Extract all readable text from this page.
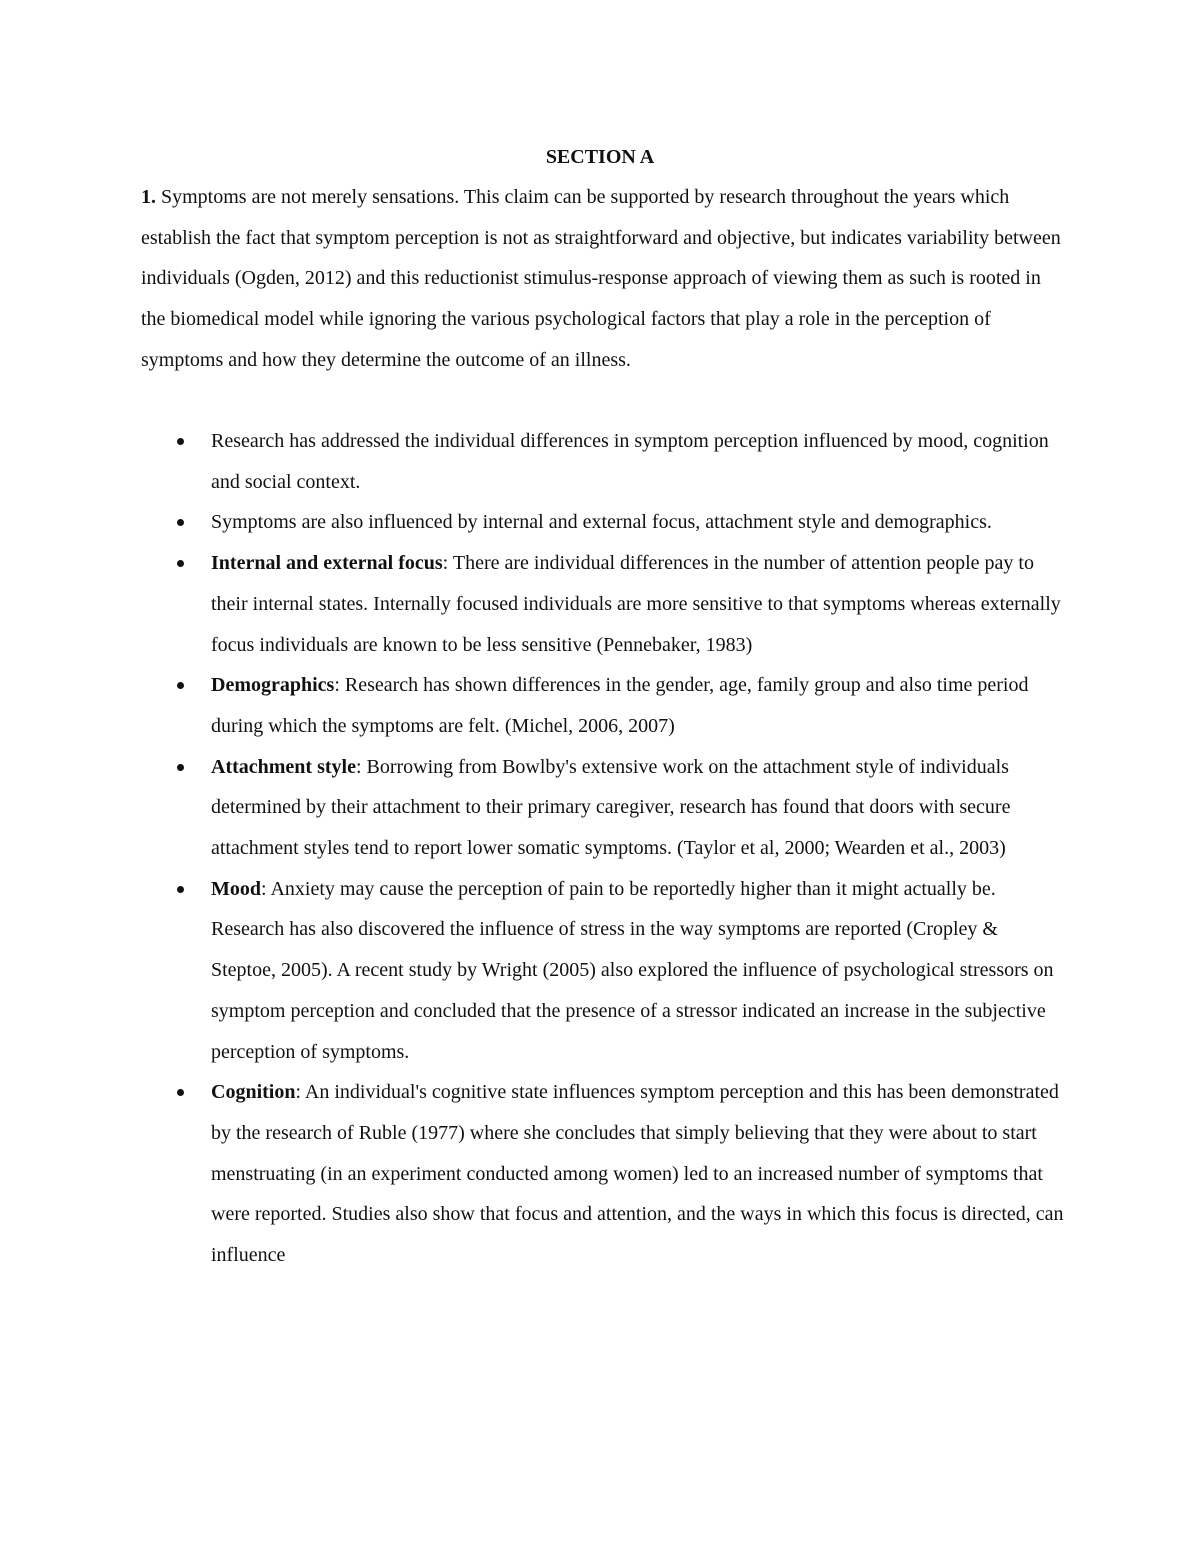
SECTION A

1. Symptoms are not merely sensations. This claim can be supported by research throughout the years which establish the fact that symptom perception is not as straightforward and objective, but indicates variability between individuals (Ogden, 2012) and this reductionist stimulus-response approach of viewing them as such is rooted in the biomedical model while ignoring the various psychological factors that play a role in the perception of symptoms and how they determine the outcome of an illness.

Research has addressed the individual differences in symptom perception influenced by mood, cognition and social context.
Symptoms are also influenced by internal and external focus, attachment style and demographics.
Internal and external focus: There are individual differences in the number of attention people pay to their internal states. Internally focused individuals are more sensitive to that symptoms whereas externally focus individuals are known to be less sensitive (Pennebaker, 1983)
Demographics: Research has shown differences in the gender, age, family group and also time period during which the symptoms are felt. (Michel, 2006, 2007)
Attachment style: Borrowing from Bowlby's extensive work on the attachment style of individuals determined by their attachment to their primary caregiver, research has found that doors with secure attachment styles tend to report lower somatic symptoms. (Taylor et al, 2000; Wearden et al., 2003)
Mood: Anxiety may cause the perception of pain to be reportedly higher than it might actually be. Research has also discovered the influence of stress in the way symptoms are reported (Cropley & Steptoe, 2005). A recent study by Wright (2005) also explored the influence of psychological stressors on symptom perception and concluded that the presence of a stressor indicated an increase in the subjective perception of symptoms.
Cognition: An individual's cognitive state influences symptom perception and this has been demonstrated by the research of Ruble (1977) where she concludes that simply believing that they were about to start menstruating (in an experiment conducted among women) led to an increased number of symptoms that were reported. Studies also show that focus and attention, and the ways in which this focus is directed, can influence
